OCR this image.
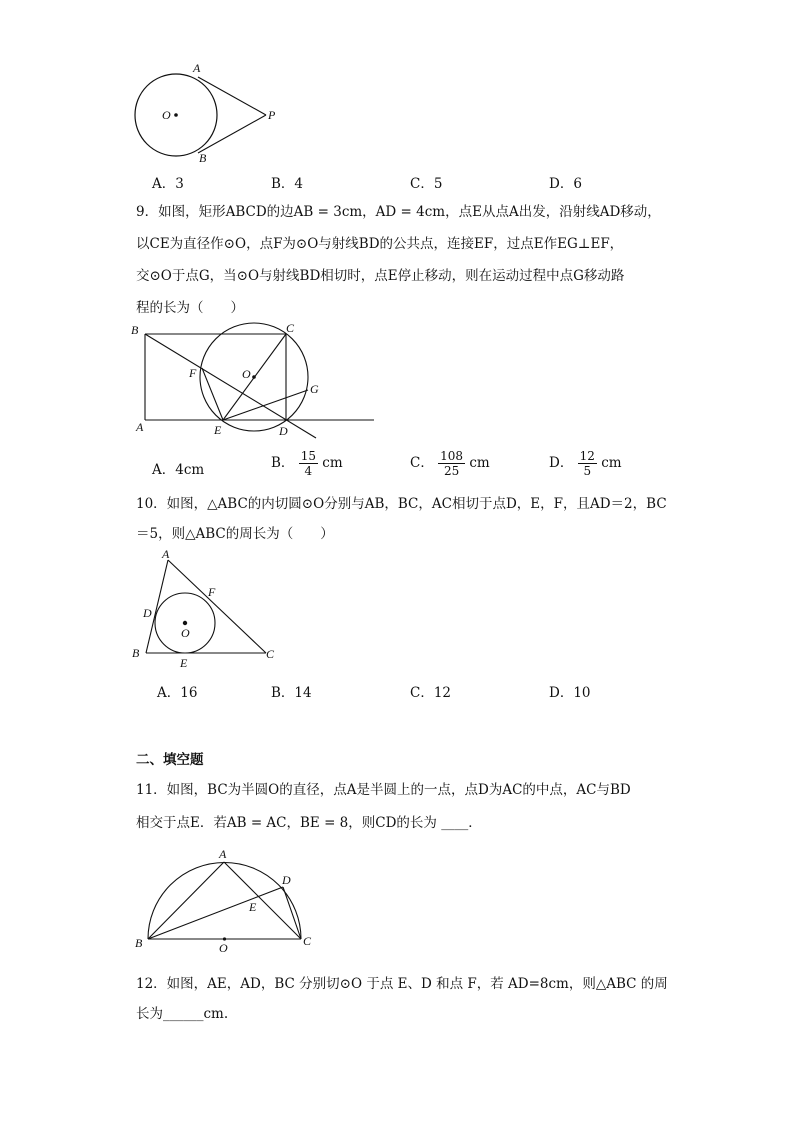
A
O	P
B
A．3	B．4	C．5	D．6
9．如图，矩形ABCD的边AB = 3cm，AD = 4cm，点E从点A出发，沿射线AD移动，
以CE为直径作⊙O，点F为⊙O与射线BD的公共点，连接EF，过点E作EG⊥EF，
交⊙O于点G，当⊙O与射线BD相切时，点E停止移动，则在运动过程中点G移动路
程的长为（　　）
B	C
F	O
G
A	E	D
A．4cm	B． $\frac{15}{4}$ cm	C． $\frac{108}{25}$ cm	D． $\frac{12}{5}$ cm
10．如图，△ABC的内切圆⊙O分别与AB，BC，AC相切于点D，E，F，且AD＝2，BC
＝5，则△ABC的周长为（　　）
A
F
D
O
B
E
C
A．16	B．14	C．12	D．10
二、填空题
11．如图，BC为半圆O的直径，点A是半圆上的一点，点D为AC的中点，AC与BD
相交于点E．若AB = AC，BE = 8，则CD的长为 ____．
A
D
E
B	O	C
12．如图，AE，AD，BC 分别切⊙O 于点 E、D 和点 F，若 AD=8cm，则△ABC 的周
长为______cm.
